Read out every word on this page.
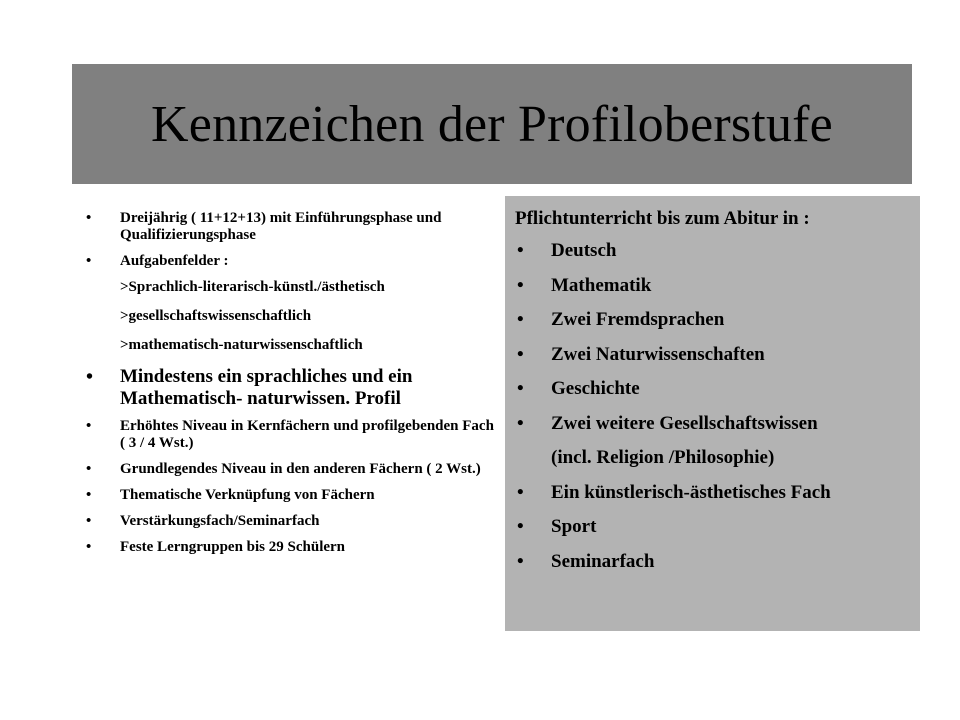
Kennzeichen der Profiloberstufe
• Dreijährig ( 11+12+13) mit Einführungsphase und Qualifizierungsphase
• Aufgabenfelder :
>Sprachlich-literarisch-künstl./ästhetisch
>gesellschaftswissenschaftlich
>mathematisch-naturwissenschaftlich
• Mindestens ein sprachliches und ein Mathematisch- naturwissen. Profil
• Erhöhtes Niveau in Kernfächern und profilgebenden Fach ( 3 / 4 Wst.)
• Grundlegendes Niveau in den anderen Fächern ( 2 Wst.)
• Thematische Verknüpfung von Fächern
• Verstärkungsfach/Seminarfach
• Feste Lerngruppen bis 29 Schülern
Pflichtunterricht bis zum Abitur in :
• Deutsch
• Mathematik
• Zwei Fremdsprachen
• Zwei Naturwissenschaften
• Geschichte
• Zwei weitere Gesellschaftswissen
(incl. Religion /Philosophie)
• Ein künstlerisch-ästhetisches Fach
• Sport
• Seminarfach
